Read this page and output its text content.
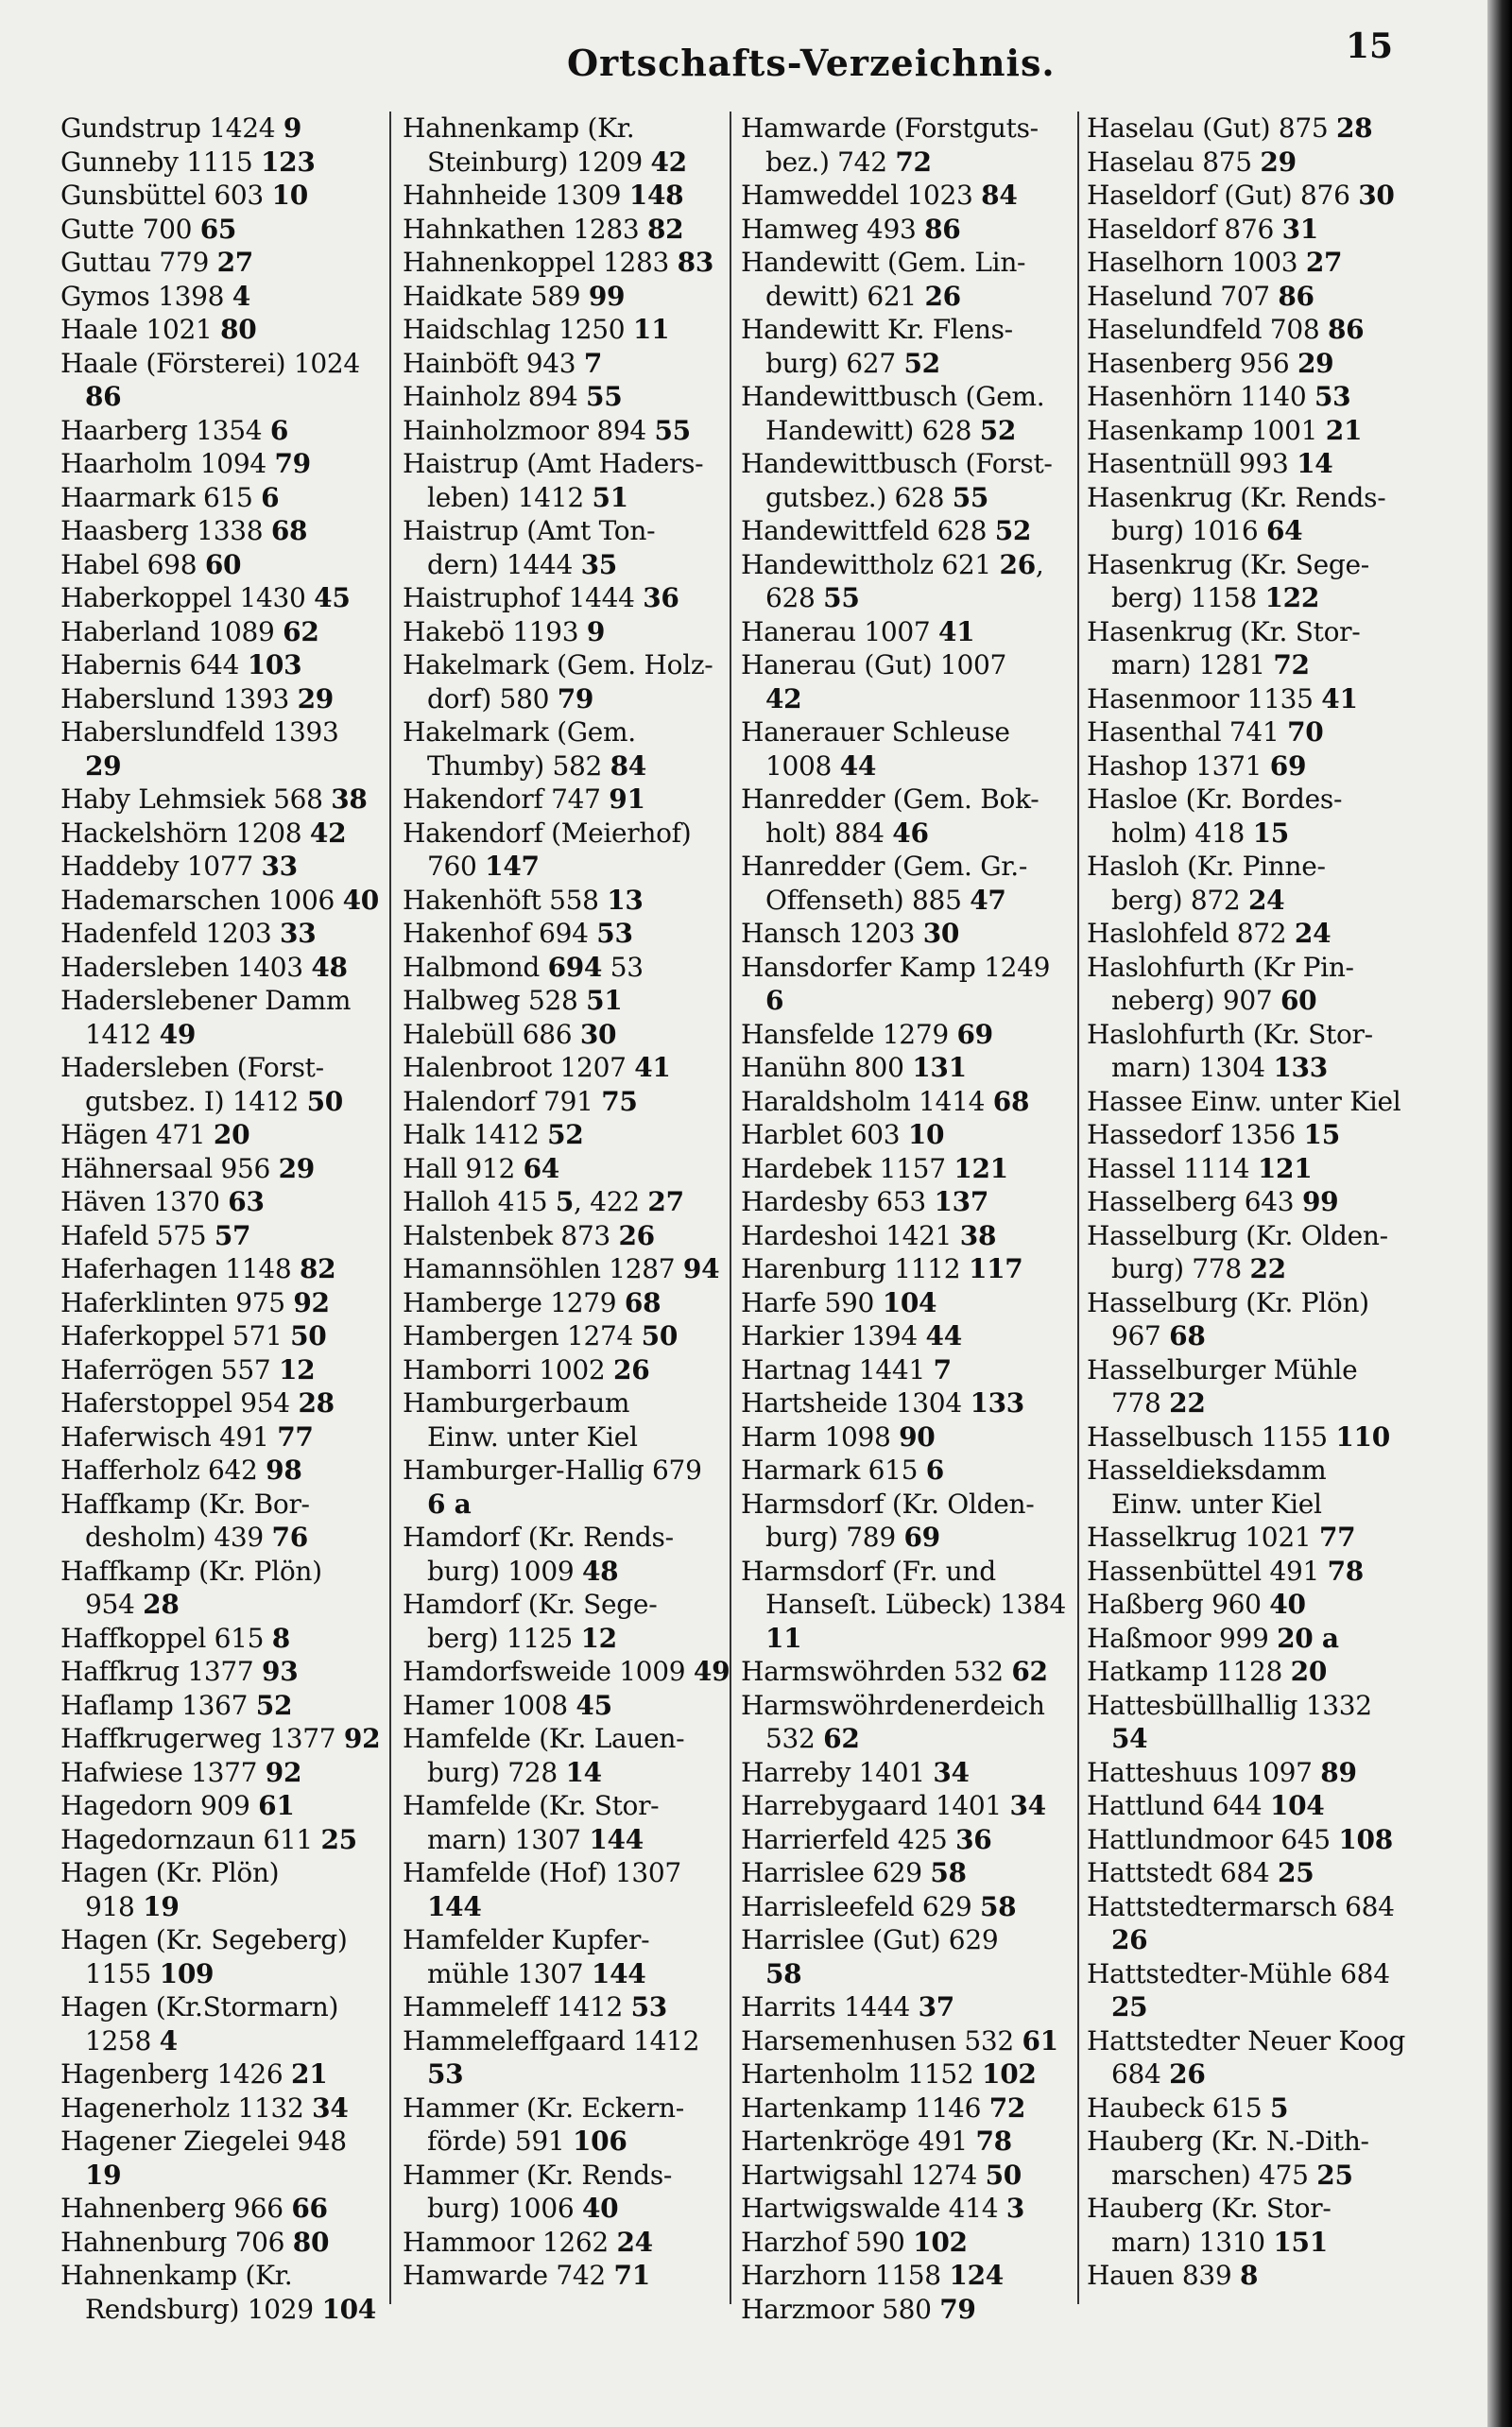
Ortschafts-Verzeichnis.	15
Gundstrup 1424 9
Gunneby 1115 123
Gunsbüttel 603 10
Gutte 700 65
Guttau 779 27
Gymos 1398 4
Haale 1021 80
Haale (Försterei) 1024
86
Haarberg 1354 6
Haarholm 1094 79
Haarmark 615 6
Haasberg 1338 68
Habel 698 60
Haberkoppel 1430 45
Haberland 1089 62
Habernis 644 103
Haberslund 1393 29
Haberslundfeld 1393
29
Haby Lehmsiek 568 38
Hackelshörn 1208 42
Haddeby 1077 33
Hademarschen 1006 40
Hadenfeld 1203 33
Hadersleben 1403 48
Haderslebener Damm
1412 49
Hadersleben (Forst-
gutsbez. I) 1412 50
Hägen 471 20
Hähnersaal 956 29
Häven 1370 63
Hafeld 575 57
Haferhagen 1148 82
Haferklinten 975 92
Haferkoppel 571 50
Haferrögen 557 12
Haferstoppel 954 28
Haferwisch 491 77
Hafferholz 642 98
Haffkamp (Kr. Bor-
desholm) 439 76
Haffkamp (Kr. Plön)
954 28
Haffkoppel 615 8
Haffkrug 1377 93
Haflamp 1367 52
Haffkrugerweg 1377 92
Hafwiese 1377 92
Hagedorn 909 61
Hagedornzaun 611 25
Hagen (Kr. Plön)
918 19
Hagen (Kr. Segeberg)
1155 109
Hagen (Kr.Stormarn)
1258 4
Hagenberg 1426 21
Hagenerholz 1132 34
Hagener Ziegelei 948
19
Hahnenberg 966 66
Hahnenburg 706 80
Hahnenkamp (Kr.
Rendsburg) 1029 104
Hahnenkamp (Kr.
Steinburg) 1209 42
Hahnheide 1309 148
Hahnkathen 1283 82
Hahnenkoppel 1283 83
Haidkate 589 99
Haidschlag 1250 11
Hainböft 943 7
Hainholz 894 55
Hainholzmoor 894 55
Haistrup (Amt Haders-
leben) 1412 51
Haistrup (Amt Ton-
dern) 1444 35
Haistruphof 1444 36
Hakebö 1193 9
Hakelmark (Gem. Holz-
dorf) 580 79
Hakelmark (Gem.
Thumby) 582 84
Hakendorf 747 91
Hakendorf (Meierhof)
760 147
Hakenhöft 558 13
Hakenhof 694 53
Halbmond 694 53
Halbweg 528 51
Halebüll 686 30
Halenbroot 1207 41
Halendorf 791 75
Halk 1412 52
Hall 912 64
Halloh 415 5, 422 27
Halstenbek 873 26
Hamannsöhlen 1287 94
Hamberge 1279 68
Hambergen 1274 50
Hamborri 1002 26
Hamburgerbaum
Einw. unter Kiel
Hamburger-Hallig 679
6 a
Hamdorf (Kr. Rends-
burg) 1009 48
Hamdorf (Kr. Sege-
berg) 1125 12
Hamdorfsweide 1009 49
Hamer 1008 45
Hamfelde (Kr. Lauen-
burg) 728 14
Hamfelde (Kr. Stor-
marn) 1307 144
Hamfelde (Hof) 1307
144
Hamfelder Kupfer-
mühle 1307 144
Hammeleff 1412 53
Hammeleffgaard 1412
53
Hammer (Kr. Eckern-
förde) 591 106
Hammer (Kr. Rends-
burg) 1006 40
Hammoor 1262 24
Hamwarde 742 71
Hamwarde (Forstguts-
bez.) 742 72
Hamweddel 1023 84
Hamweg 493 86
Handewitt (Gem. Lin-
dewitt) 621 26
Handewitt Kr. Flens-
burg) 627 52
Handewittbusch (Gem.
Handewitt) 628 52
Handewittbusch (Forst-
gutsbez.) 628 55
Handewittfeld 628 52
Handewittholz 621 26,
628 55
Hanerau 1007 41
Hanerau (Gut) 1007
42
Hanerauer Schleuse
1008 44
Hanredder (Gem. Bok-
holt) 884 46
Hanredder (Gem. Gr.-
Offenseth) 885 47
Hansch 1203 30
Hansdorfer Kamp 1249
6
Hansfelde 1279 69
Hanühn 800 131
Haraldsholm 1414 68
Harblet 603 10
Hardebek 1157 121
Hardesby 653 137
Hardeshoi 1421 38
Harenburg 1112 117
Harfe 590 104
Harkier 1394 44
Hartnag 1441 7
Hartsheide 1304 133
Harm 1098 90
Harmark 615 6
Harmsdorf (Kr. Olden-
burg) 789 69
Harmsdorf (Fr. und
Hanseſt. Lübeck) 1384
11
Harmswöhrden 532 62
Harmswöhrdenerdeich
532 62
Harreby 1401 34
Harrebygaard 1401 34
Harrierfeld 425 36
Harrislee 629 58
Harrisleefeld 629 58
Harrislee (Gut) 629
58
Harrits 1444 37
Harsemenhusen 532 61
Hartenholm 1152 102
Hartenkamp 1146 72
Hartenkröge 491 78
Hartwigsahl 1274 50
Hartwigswalde 414 3
Harzhof 590 102
Harzhorn 1158 124
Harzmoor 580 79
Haselau (Gut) 875 28
Haselau 875 29
Haseldorf (Gut) 876 30
Haseldorf 876 31
Haselhorn 1003 27
Haselund 707 86
Haselundfeld 708 86
Hasenberg 956 29
Hasenhörn 1140 53
Hasenkamp 1001 21
Hasentnüll 993 14
Hasenkrug (Kr. Rends-
burg) 1016 64
Hasenkrug (Kr. Sege-
berg) 1158 122
Hasenkrug (Kr. Stor-
marn) 1281 72
Hasenmoor 1135 41
Hasenthal 741 70
Hashop 1371 69
Hasloe (Kr. Bordes-
holm) 418 15
Hasloh (Kr. Pinne-
berg) 872 24
Haslohfeld 872 24
Haslohfurth (Kr Pin-
neberg) 907 60
Haslohfurth (Kr. Stor-
marn) 1304 133
Hassee Einw. unter Kiel
Hassedorf 1356 15
Hassel 1114 121
Hasselberg 643 99
Hasselburg (Kr. Olden-
burg) 778 22
Hasselburg (Kr. Plön)
967 68
Hasselburger Mühle
778 22
Hasselbusch 1155 110
Hasseldieksdamm
Einw. unter Kiel
Hasselkrug 1021 77
Hassenbüttel 491 78
Haßberg 960 40
Haßmoor 999 20 a
Hatkamp 1128 20
Hattesbüllhallig 1332
54
Hatteshuus 1097 89
Hattlund 644 104
Hattlundmoor 645 108
Hattstedt 684 25
Hattstedtermarsch 684
26
Hattstedter-Mühle 684
25
Hattstedter Neuer Koog
684 26
Haubeck 615 5
Hauberg (Kr. N.-Dith-
marschen) 475 25
Hauberg (Kr. Stor-
marn) 1310 151
Hauen 839 8
